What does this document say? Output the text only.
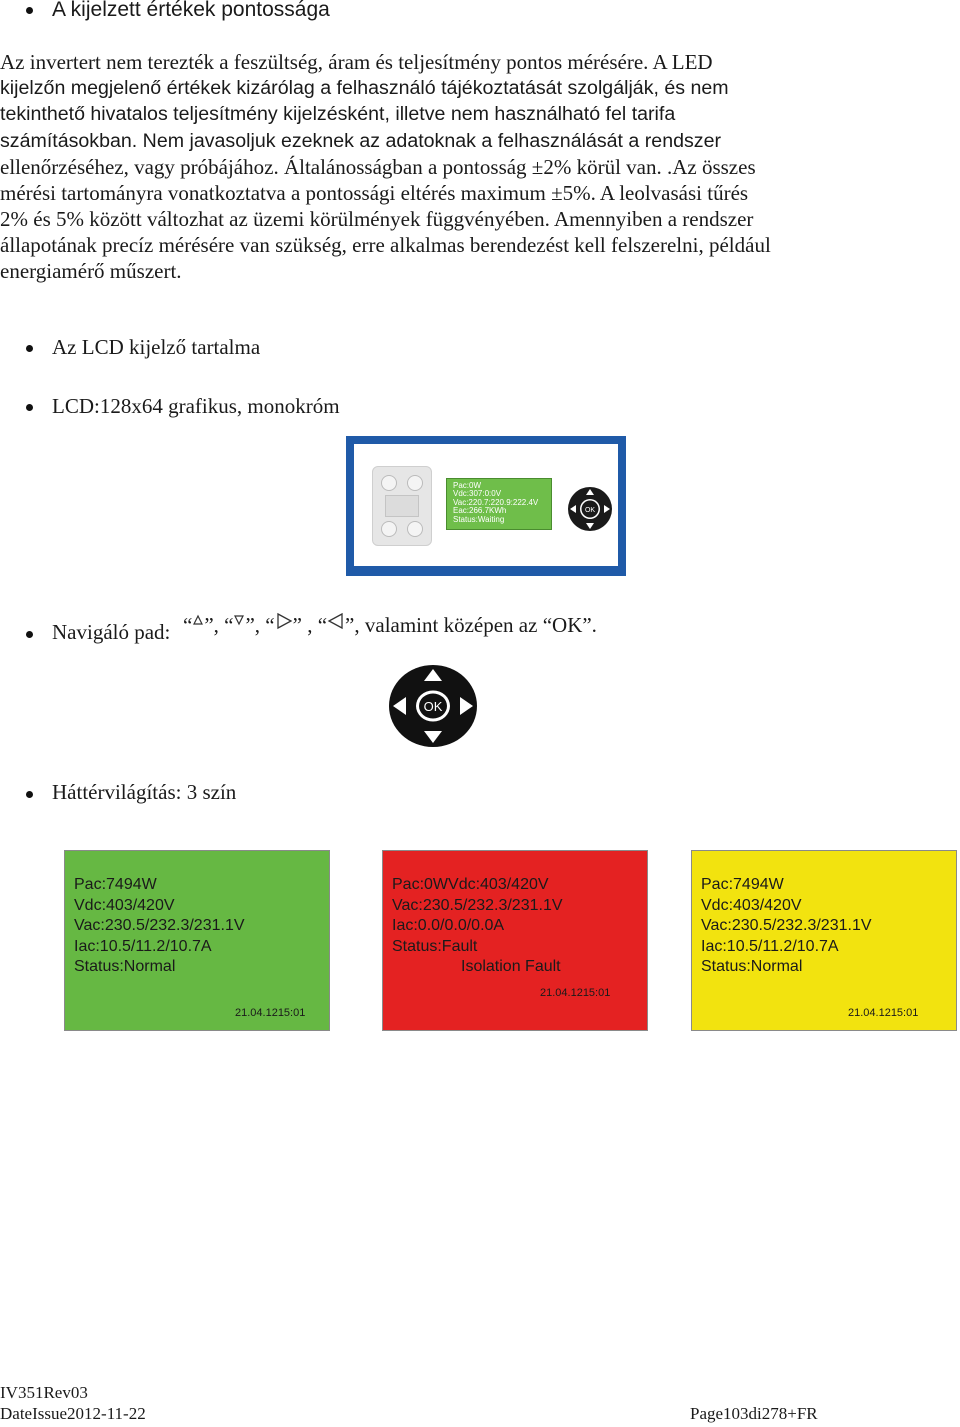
A kijelzett értékek pontossága
Az invertert nem terezték a feszültség, áram és teljesítmény pontos mérésére. A LED
kijelzőn megjelenő értékek kizárólag a felhasználó tájékoztatását szolgálják, és nem
tekinthető hivatalos teljesítmény kijelzésként, illetve nem használható fel tarifa
számításokban. Nem javasoljuk ezeknek az adatoknak a felhasználását a rendszer
ellenőrzéséhez, vagy próbájához. Általánosságban a pontosság ±2% körül van. .Az összes
mérési tartományra vonatkoztatva a pontossági eltérés maximum ±5%. A leolvasási tűrés
2% és 5% között változhat az üzemi körülmények függvényében. Amennyiben a rendszer
állapotának precíz mérésére van szükség, erre alkalmas berendezést kell felszerelni, például
energiamérő műszert.
Az LCD kijelző tartalma
LCD:128x64 grafikus, monokróm
Pac:0W
Vdc:307:0:0V
Vac:220.7:220.9:222.4V
Eac:266.7KWh
Status:Waiting
OK
Navigáló pad: “ ”, “ ”, “ ” , “ ”, valamint középen az “OK”.
OK
Háttérvilágítás: 3 szín
Pac:7494W
Vdc:403/420V
Vac:230.5/232.3/231.1V
Iac:10.5/11.2/10.7A
Status:Normal
21.04.1215:01
Pac:0WVdc:403/420V
Vac:230.5/232.3/231.1V
Iac:0.0/0.0/0.0A
Status:Fault
Isolation Fault
21.04.1215:01
Pac:7494W
Vdc:403/420V
Vac:230.5/232.3/231.1V
Iac:10.5/11.2/10.7A
Status:Normal
21.04.1215:01
IV351Rev03
DateIssue2012-11-22	Page103di278+FR
